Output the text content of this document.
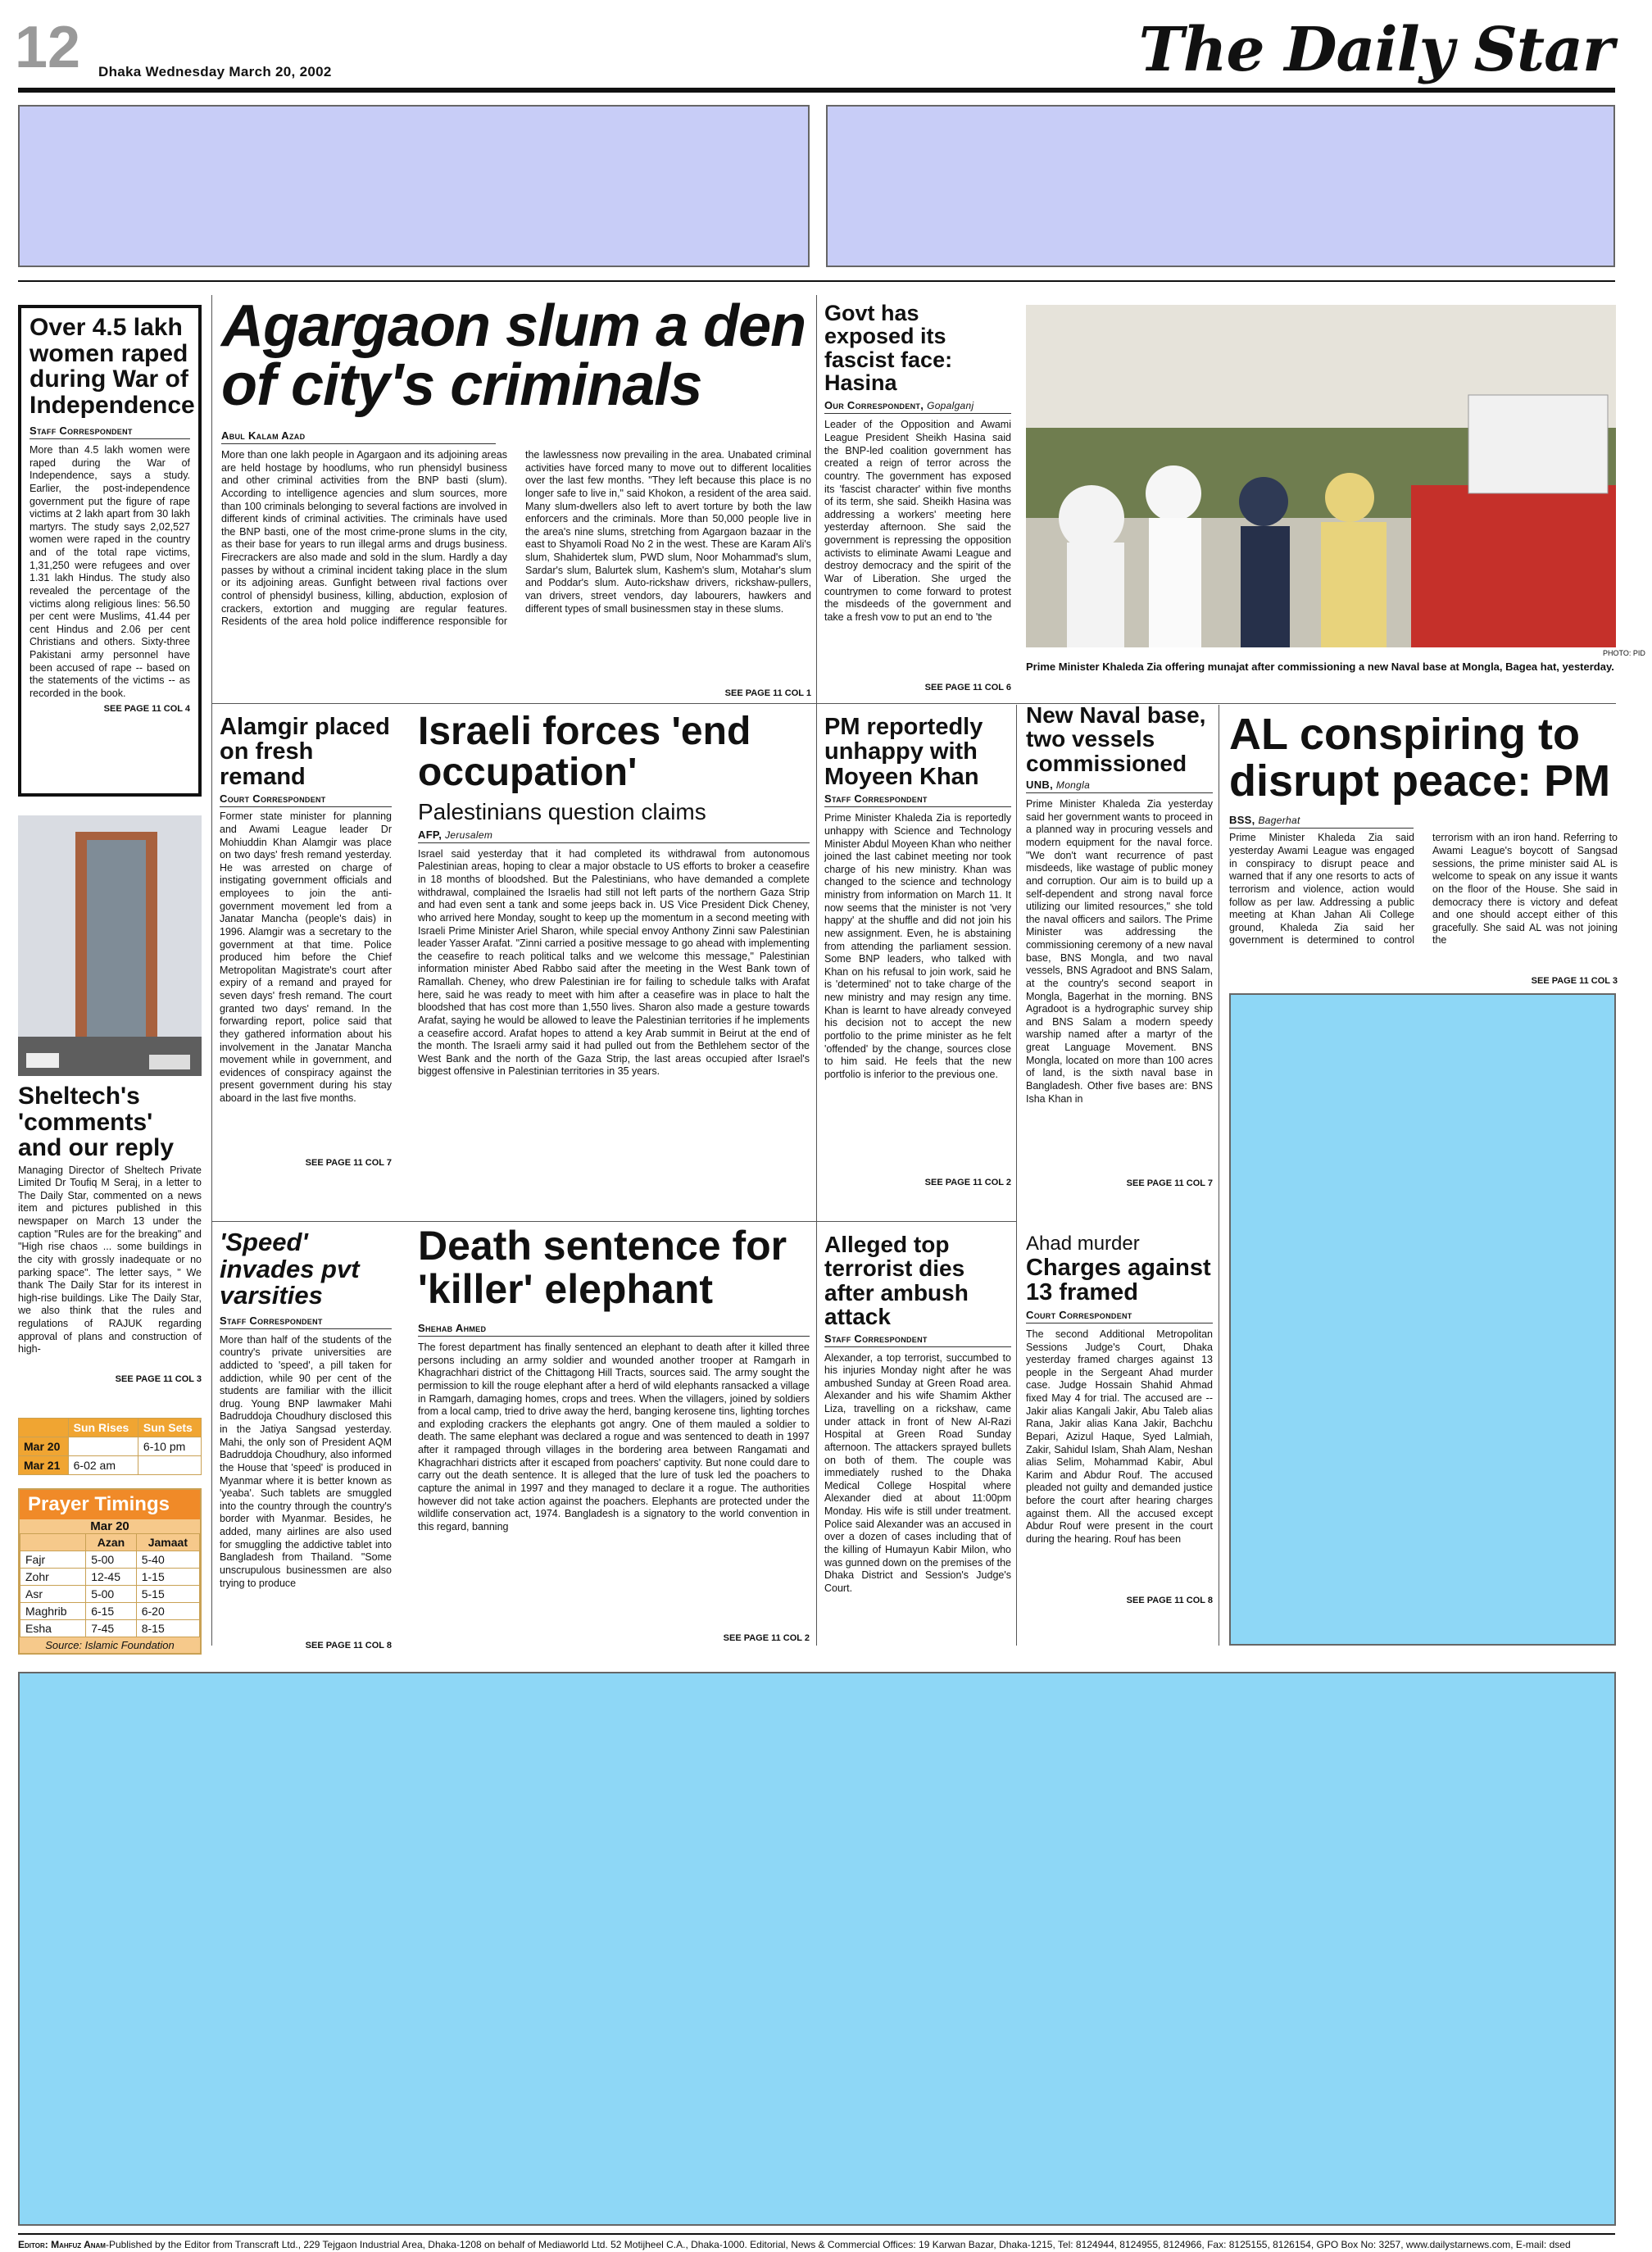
12 Dhaka Wednesday March 20, 2002	The Daily Star
Over 4.5 lakh women raped during War of Independence
Staff Correspondent
More than 4.5 lakh women were raped during the War of Independence, says a study. Earlier, the post-independence government put the figure of rape victims at 2 lakh apart from 30 lakh martyrs. The study says 2,02,527 women were raped in the country and of the total rape victims, 1,31,250 were refugees and over 1.31 lakh Hindus. The study also revealed the percentage of the victims along religious lines: 56.50 per cent were Muslims, 41.44 per cent Hindus and 2.06 per cent Christians and others. Sixty-three Pakistani army personnel have been accused of rape -- based on the statements of the victims -- as recorded in the book.
SEE PAGE 11 COL 4
Agargaon slum a den of city's criminals
Abul Kalam Azad
More than one lakh people in Agargaon and its adjoining areas are held hostage by hoodlums, who run phensidyl business and other criminal activities from the BNP basti (slum). According to intelligence agencies and slum sources, more than 100 criminals belonging to several factions are involved in different kinds of criminal activities. The criminals have used the BNP basti, one of the most crime-prone slums in the city, as their base for years to run illegal arms and drugs business. Firecrackers are also made and sold in the slum. Hardly a day passes by without a criminal incident taking place in the slum or its adjoining areas. Gunfight between rival factions over control of phensidyl business, killing, abduction, explosion of crackers, extortion and mugging are regular features. Residents of the area hold police indifference responsible for the lawlessness now prevailing in the area. Unabated criminal activities have forced many to move out to different localities over the last few months. "They left because this place is no longer safe to live in," said Khokon, a resident of the area said. Many slum-dwellers also left to avert torture by both the law enforcers and the criminals. More than 50,000 people live in the area's nine slums, stretching from Agargaon bazaar in the east to Shyamoli Road No 2 in the west. These are Karam Ali's slum, Shahidertek slum, PWD slum, Noor Mohammad's slum, Sardar's slum, Balurtek slum, Kashem's slum, Motahar's slum and Poddar's slum. Auto-rickshaw drivers, rickshaw-pullers, van drivers, street vendors, day labourers, hawkers and different types of small businessmen stay in these slums.
SEE PAGE 11 COL 1
Govt has exposed its fascist face: Hasina
Our Correspondent, Gopalganj
Leader of the Opposition and Awami League President Sheikh Hasina said the BNP-led coalition government has created a reign of terror across the country. The government has exposed its 'fascist character' within five months of its term, she said. Sheikh Hasina was addressing a workers' meeting here yesterday afternoon. She said the government is repressing the opposition activists to eliminate Awami League and destroy democracy and the spirit of the War of Liberation. She urged the countrymen to come forward to protest the misdeeds of the government and take a fresh vow to put an end to 'the
SEE PAGE 11 COL 6
PHOTO: PID
Prime Minister Khaleda Zia offering munajat after commissioning a new Naval base at Mongla, Bagea hat, yesterday.
Alamgir placed on fresh remand
Court Correspondent
Former state minister for planning and Awami League leader Dr Mohiuddin Khan Alamgir was place on two days' fresh remand yesterday. He was arrested on charge of instigating government officials and employees to join the anti-government movement led from a Janatar Mancha (people's dais) in 1996. Alamgir was a secretary to the government at that time. Police produced him before the Chief Metropolitan Magistrate's court after expiry of a remand and prayed for seven days' fresh remand. The court granted two days' remand. In the forwarding report, police said that they gathered information about his involvement in the Janatar Mancha movement while in government, and evidences of conspiracy against the present government during his stay aboard in the last five months.
SEE PAGE 11 COL 7
Israeli forces 'end occupation'
Palestinians question claims
AFP, Jerusalem
Israel said yesterday that it had completed its withdrawal from autonomous Palestinian areas, hoping to clear a major obstacle to US efforts to broker a ceasefire in 18 months of bloodshed. But the Palestinians, who have demanded a complete withdrawal, complained the Israelis had still not left parts of the northern Gaza Strip and had even sent a tank and some jeeps back in. US Vice President Dick Cheney, who arrived here Monday, sought to keep up the momentum in a second meeting with Israeli Prime Minister Ariel Sharon, while special envoy Anthony Zinni saw Palestinian leader Yasser Arafat. "Zinni carried a positive message to go ahead with implementing the ceasefire to reach political talks and we welcome this message," Palestinian information minister Abed Rabbo said after the meeting in the West Bank town of Ramallah. Cheney, who drew Palestinian ire for failing to schedule talks with Arafat here, said he was ready to meet with him after a ceasefire was in place to halt the bloodshed that has cost more than 1,550 lives. Sharon also made a gesture towards Arafat, saying he would be allowed to leave the Palestinian territories if he implements a ceasefire accord. Arafat hopes to attend a key Arab summit in Beirut at the end of the month. The Israeli army said it had pulled out from the Bethlehem sector of the West Bank and the north of the Gaza Strip, the last areas occupied after Israel's biggest offensive in Palestinian territories in 35 years.
PM reportedly unhappy with Moyeen Khan
Staff Correspondent
Prime Minister Khaleda Zia is reportedly unhappy with Science and Technology Minister Abdul Moyeen Khan who neither joined the last cabinet meeting nor took charge of his new ministry. Khan was changed to the science and technology ministry from information on March 11. It now seems that the minister is not 'very happy' at the shuffle and did not join his new assignment. Even, he is abstaining from attending the parliament session. Some BNP leaders, who talked with Khan on his refusal to join work, said he is 'determined' not to take charge of the new ministry and may resign any time. Khan is learnt to have already conveyed his decision not to accept the new portfolio to the prime minister as he felt 'offended' by the change, sources close to him said. He feels that the new portfolio is inferior to the previous one.
SEE PAGE 11 COL 2
New Naval base, two vessels commissioned
UNB, Mongla
Prime Minister Khaleda Zia yesterday said her government wants to proceed in a planned way in procuring vessels and modern equipment for the naval force. "We don't want recurrence of past misdeeds, like wastage of public money and corruption. Our aim is to build up a self-dependent and strong naval force utilizing our limited resources," she told the naval officers and sailors. The Prime Minister was addressing the commissioning ceremony of a new naval base, BNS Mongla, and two naval vessels, BNS Agradoot and BNS Salam, at the country's second seaport in Mongla, Bagerhat in the morning. BNS Agradoot is a hydrographic survey ship and BNS Salam a modern speedy warship named after a martyr of the great Language Movement. BNS Mongla, located on more than 100 acres of land, is the sixth naval base in Bangladesh. Other five bases are: BNS Isha Khan in
SEE PAGE 11 COL 7
AL conspiring to disrupt peace: PM
BSS, Bagerhat
Prime Minister Khaleda Zia said yesterday Awami League was engaged in conspiracy to disrupt peace and warned that if any one resorts to acts of terrorism and violence, action would follow as per law. Addressing a public meeting at Khan Jahan Ali College ground, Khaleda Zia said her government is determined to control terrorism with an iron hand. Referring to Awami League's boycott of Sangsad sessions, the prime minister said AL is welcome to speak on any issue it wants on the floor of the House. She said in democracy there is victory and defeat and one should accept either of this gracefully. She said AL was not joining the
SEE PAGE 11 COL 3
Sheltech's 'comments' and our reply
Managing Director of Sheltech Private Limited Dr Toufiq M Seraj, in a letter to The Daily Star, commented on a news item and pictures published in this newspaper on March 13 under the caption "Rules are for the breaking" and "High rise chaos ... some buildings in the city with grossly inadequate or no parking space". The letter says, " We thank The Daily Star for its interest in high-rise buildings. Like The Daily Star, we also think that the rules and regulations of RAJUK regarding approval of plans and construction of high-
SEE PAGE 11 COL 3
	Sun Rises	Sun Sets
Mar 20		6-10 pm
Mar 21	6-02 am	
Prayer Timings
Mar 20
	Azan	Jamaat
Fajr	5-00	5-40
Zohr	12-45	1-15
Asr	5-00	5-15
Maghrib	6-15	6-20
Esha	7-45	8-15
Source: Islamic Foundation
'Speed' invades pvt varsities
Staff Correspondent
More than half of the students of the country's private universities are addicted to 'speed', a pill taken for addiction, while 90 per cent of the students are familiar with the illicit drug. Young BNP lawmaker Mahi Badruddoja Choudhury disclosed this in the Jatiya Sangsad yesterday. Mahi, the only son of President AQM Badruddoja Choudhury, also informed the House that 'speed' is produced in Myanmar where it is better known as 'yeaba'. Such tablets are smuggled into the country through the country's border with Myanmar. Besides, he added, many airlines are also used for smuggling the addictive tablet into Bangladesh from Thailand. "Some unscrupulous businessmen are also trying to produce
SEE PAGE 11 COL 8
Death sentence for 'killer' elephant
Shehab Ahmed
The forest department has finally sentenced an elephant to death after it killed three persons including an army soldier and wounded another trooper at Ramgarh in Khagrachhari district of the Chittagong Hill Tracts, sources said. The army sought the permission to kill the rouge elephant after a herd of wild elephants ransacked a village in Ramgarh, damaging homes, crops and trees. When the villagers, joined by soldiers from a local camp, tried to drive away the herd, banging kerosene tins, lighting torches and exploding crackers the elephants got angry. One of them mauled a soldier to death. The same elephant was declared a rogue and was sentenced to death in 1997 after it rampaged through villages in the bordering area between Rangamati and Khagrachhari districts after it escaped from poachers' captivity. But none could dare to carry out the death sentence. It is alleged that the lure of tusk led the poachers to capture the animal in 1997 and they managed to declare it a rogue. The authorities however did not take action against the poachers. Elephants are protected under the wildlife conservation act, 1974. Bangladesh is a signatory to the world convention in this regard, banning
SEE PAGE 11 COL 2
Alleged top terrorist dies after ambush attack
Staff Correspondent
Alexander, a top terrorist, succumbed to his injuries Monday night after he was ambushed Sunday at Green Road area. Alexander and his wife Shamim Akther Liza, travelling on a rickshaw, came under attack in front of New Al-Razi Hospital at Green Road Sunday afternoon. The attackers sprayed bullets on both of them. The couple was immediately rushed to the Dhaka Medical College Hospital where Alexander died at about 11:00pm Monday. His wife is still under treatment. Police said Alexander was an accused in over a dozen of cases including that of the killing of Humayun Kabir Milon, who was gunned down on the premises of the Dhaka District and Session's Judge's Court.
Ahad murder
Charges against 13 framed
Court Correspondent
The second Additional Metropolitan Sessions Judge's Court, Dhaka yesterday framed charges against 13 people in the Sergeant Ahad murder case. Judge Hossain Shahid Ahmad fixed May 4 for trial. The accused are -- Jakir alias Kangali Jakir, Abu Taleb alias Rana, Jakir alias Kana Jakir, Bachchu Bepari, Azizul Haque, Syed Lalmiah, Zakir, Sahidul Islam, Shah Alam, Neshan alias Selim, Mohammad Kabir, Abul Karim and Abdur Rouf. The accused pleaded not guilty and demanded justice before the court after hearing charges against them. All the accused except Abdur Rouf were present in the court during the hearing. Rouf has been
SEE PAGE 11 COL 8
Editor: Mahfuz Anam-Published by the Editor from Transcraft Ltd., 229 Tejgaon Industrial Area, Dhaka-1208 on behalf of Mediaworld Ltd. 52 Motijheel C.A., Dhaka-1000. Editorial, News & Commercial Offices: 19 Karwan Bazar, Dhaka-1215, Tel: 8124944, 8124955, 8124966, Fax: 8125155, 8126154, GPO Box No: 3257, www.dailystarnews.com, E-mail: dsed
